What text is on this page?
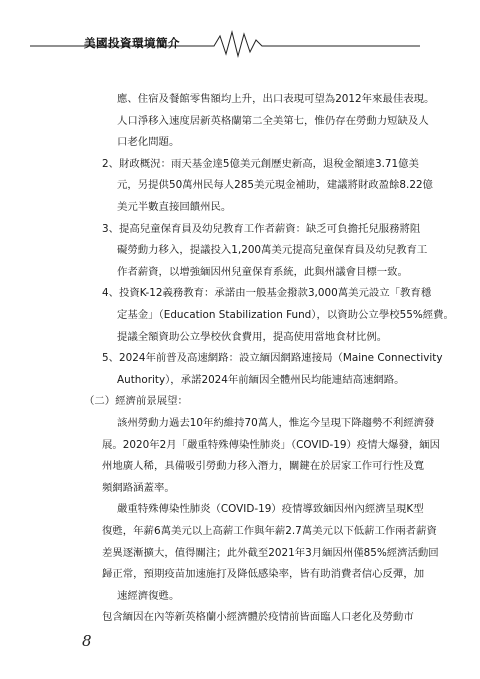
美國投資環境簡介
應、住宿及餐館零售額均上升，出口表現可望為2012年來最佳表現。
人口淨移入速度居新英格蘭第二全美第七，惟仍存在勞動力短缺及人
口老化問題。
2、財政概況：雨天基金達5億美元創歷史新高，退稅金額達3.71億美
元，另提供50萬州民每人285美元現金補助，建議將財政盈餘8.22億
美元半數直接回饋州民。
3、提高兒童保育員及幼兒教育工作者薪資：缺乏可負擔托兒服務將阻
礙勞動力移入，提議投入1,200萬美元提高兒童保育員及幼兒教育工
作者薪資，以增強緬因州兒童保育系統，此與州議會目標一致。
4、投資K-12義務教育：承諾由一般基金撥款3,000萬美元設立「教育穩
定基金」（Education Stabilization Fund），以資助公立學校55%經費。
提議全額資助公立學校伙食費用，提高使用當地食材比例。
5、2024年前普及高速網路：設立緬因網路連接局（Maine Connectivity
Authority），承諾2024年前緬因全體州民均能連結高速網路。
（二）經濟前景展望：
該州勞動力過去10年約維持70萬人，惟迄今呈現下降趨勢不利經濟發
展。2020年2月「嚴重特殊傳染性肺炎」（COVID-19）疫情大爆發，緬因
州地廣人稀，具備吸引勞動力移入潛力，關鍵在於居家工作可行性及寬
頻網路涵蓋率。
嚴重特殊傳染性肺炎（COVID-19）疫情導致緬因州內經濟呈現K型
復甦，年薪6萬美元以上高薪工作與年薪2.7萬美元以下低薪工作兩者薪資
差異逐漸擴大，值得關注；此外截至2021年3月緬因州僅85%經濟活動回
歸正常，預期疫苗加速施打及降低感染率，皆有助消費者信心反彈，加
速經濟復甦。
包含緬因在內等新英格蘭小經濟體於疫情前皆面臨人口老化及勞動市
8
